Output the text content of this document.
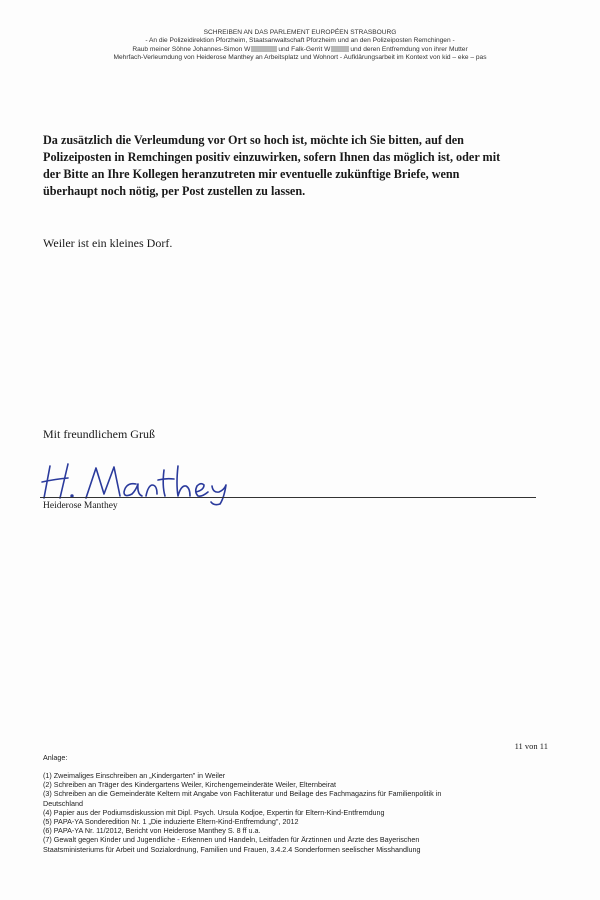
SCHREIBEN AN DAS PARLEMENT EUROPÉEN STRASBOURG
- An die Polizeidirektion Pforzheim, Staatsanwaltschaft Pforzheim und an den Polizeiposten Remchingen -
Raub meiner Söhne Johannes-Simon W	und Falk-Gerrit W	und deren Entfremdung von ihrer Mutter
Mehrfach-Verleumdung von Heiderose Manthey an Arbeitsplatz und Wohnort - Aufklärungsarbeit im Kontext von kid – eke – pas
Da zusätzlich die Verleumdung vor Ort so hoch ist, möchte ich Sie bitten, auf den
Polizeiposten in Remchingen positiv einzuwirken, sofern Ihnen das möglich ist, oder mit
der Bitte an Ihre Kollegen heranzutreten mir eventuelle zukünftige Briefe, wenn
überhaupt noch nötig, per Post zustellen zu lassen.
Weiler ist ein kleines Dorf.
Mit freundlichem Gruß
Heiderose Manthey
11 von 11
Anlage:
(1) Zweimaliges Einschreiben an „Kindergarten" in Weiler
(2) Schreiben an Träger des Kindergartens Weiler, Kirchengemeinderäte Weiler, Elternbeirat
(3) Schreiben an die Gemeinderäte Keltern mit Angabe von Fachliteratur und Beilage des Fachmagazins für Familienpolitik in
Deutschland
(4) Papier aus der Podiumsdiskussion mit Dipl. Psych. Ursula Kodjoe, Expertin für Eltern-Kind-Entfremdung
(5) PAPA-YA Sonderedition Nr. 1 „Die induzierte Eltern-Kind-Entfremdung", 2012
(6) PAPA-YA Nr. 11/2012, Bericht von Heiderose Manthey S. 8 ff u.a.
(7) Gewalt gegen Kinder und Jugendliche - Erkennen und Handeln, Leitfaden für Ärztinnen und Ärzte des Bayerischen
Staatsministeriums für Arbeit und Sozialordnung, Familien und Frauen, 3.4.2.4 Sonderformen seelischer Misshandlung
